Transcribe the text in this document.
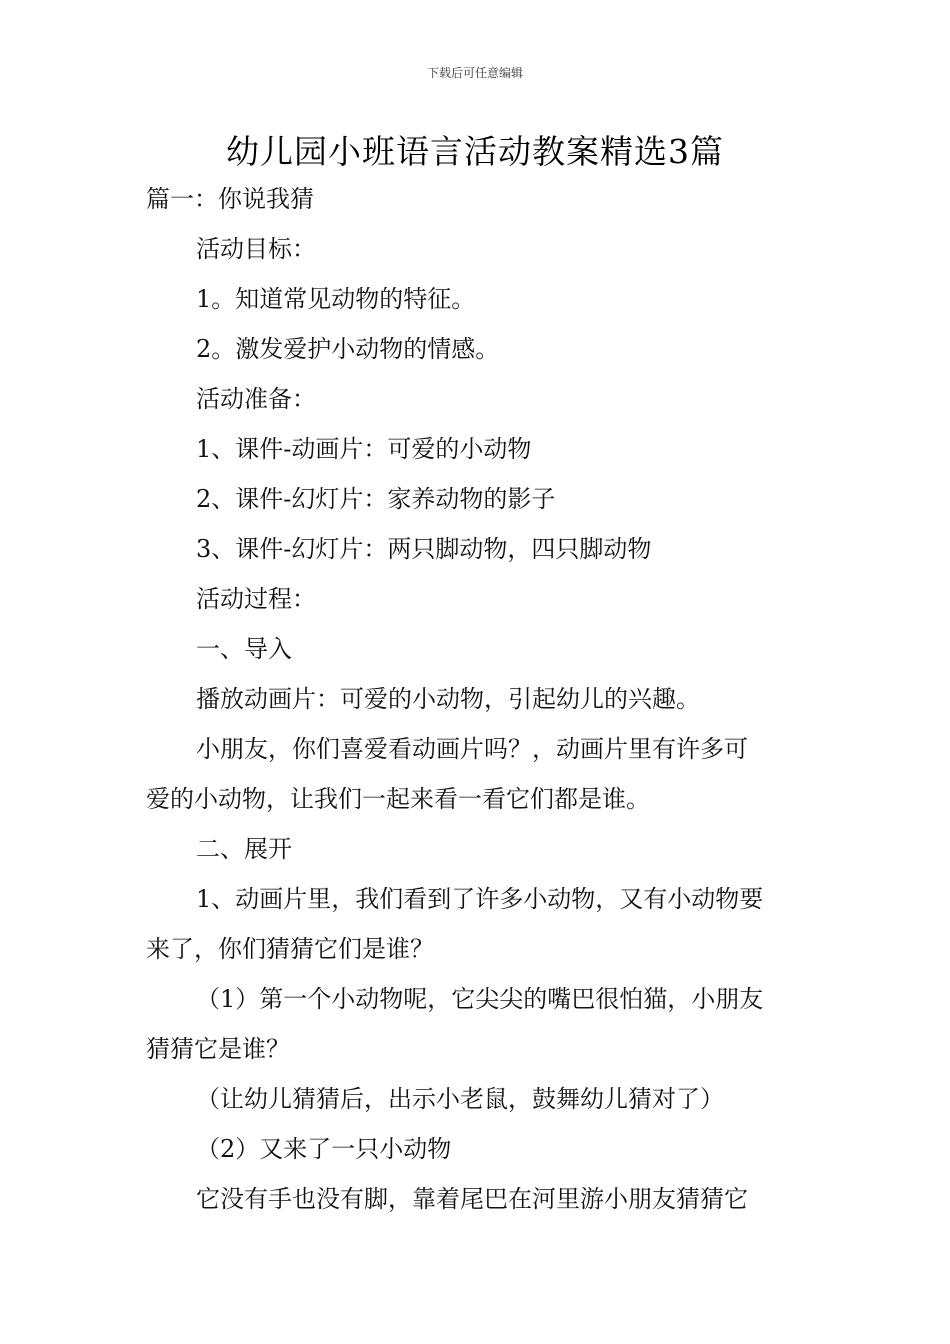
下载后可任意编辑
幼儿园小班语言活动教案精选3篇
篇一：你说我猜
活动目标：
1。知道常见动物的特征。
2。激发爱护小动物的情感。
活动准备：
1、课件-动画片：可爱的小动物
2、课件-幻灯片：家养动物的影子
3、课件-幻灯片：两只脚动物，四只脚动物
活动过程：
一、导入
播放动画片：可爱的小动物，引起幼儿的兴趣。
小朋友，你们喜爱看动画片吗？，动画片里有许多可
爱的小动物，让我们一起来看一看它们都是谁。
二、展开
1、动画片里，我们看到了许多小动物，又有小动物要
来了，你们猜猜它们是谁？
（1）第一个小动物呢，它尖尖的嘴巴很怕猫，小朋友
猜猜它是谁？
（让幼儿猜猜后，出示小老鼠，鼓舞幼儿猜对了）
（2）又来了一只小动物
它没有手也没有脚，靠着尾巴在河里游小朋友猜猜它
